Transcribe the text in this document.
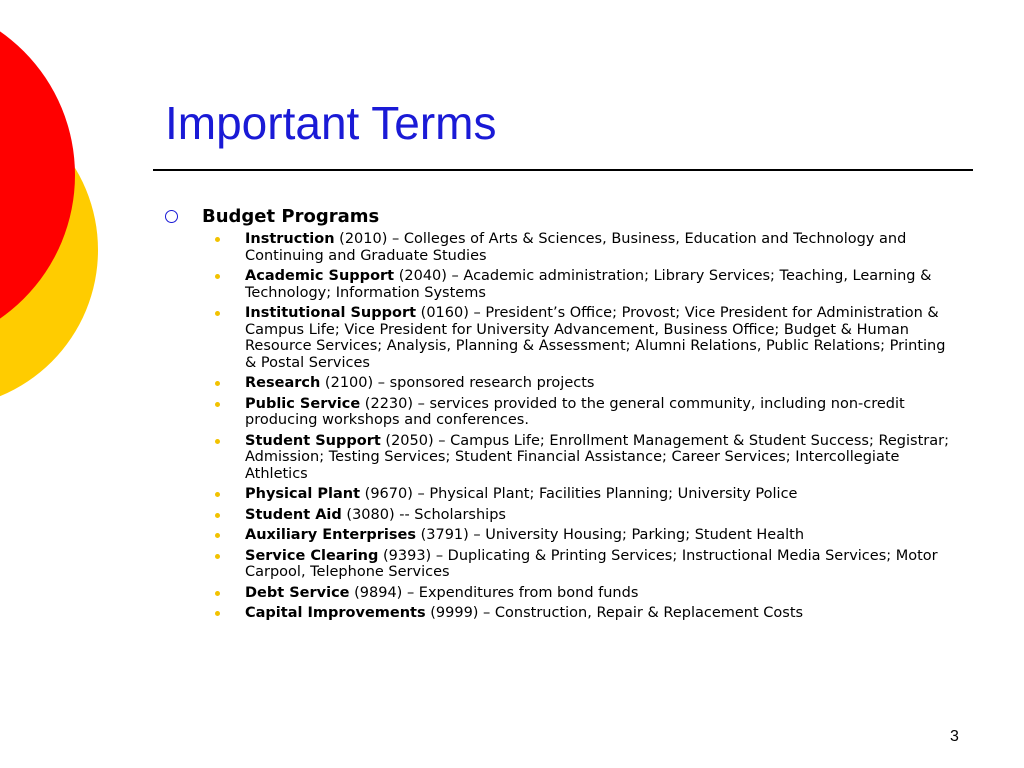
Important Terms
Budget Programs
Instruction (2010) – Colleges of Arts & Sciences, Business, Education and Technology and Continuing and Graduate Studies
Academic Support (2040) – Academic administration; Library Services; Teaching, Learning & Technology; Information Systems
Institutional Support (0160) – President’s Office; Provost; Vice President for Administration & Campus Life; Vice President for University Advancement, Business Office; Budget & Human Resource Services; Analysis, Planning & Assessment; Alumni Relations, Public Relations; Printing & Postal Services
Research (2100) – sponsored research projects
Public Service (2230) – services provided to the general community, including non-credit producing workshops and conferences.
Student Support (2050) – Campus Life; Enrollment Management & Student Success; Registrar; Admission; Testing Services; Student Financial Assistance; Career Services; Intercollegiate Athletics
Physical Plant (9670) – Physical Plant; Facilities Planning; University Police
Student Aid (3080) -- Scholarships
Auxiliary Enterprises (3791) – University Housing; Parking; Student Health
Service Clearing (9393) – Duplicating & Printing Services; Instructional Media Services; Motor Carpool, Telephone Services
Debt Service (9894) – Expenditures from bond funds
Capital Improvements (9999) – Construction, Repair & Replacement Costs
3
